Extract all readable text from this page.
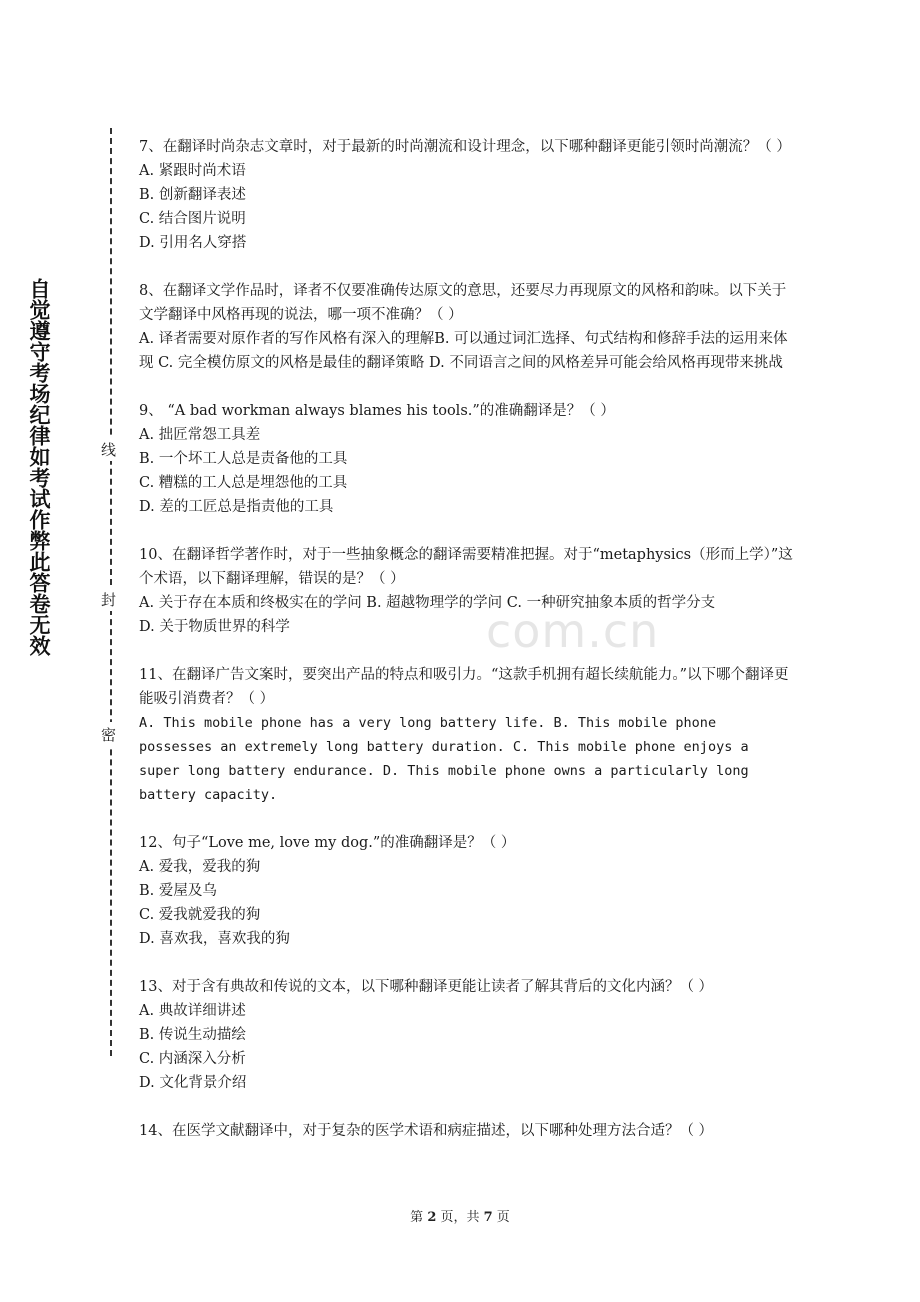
自觉遵守考场纪律如考试作弊此答卷无效	线
封
密
com.cn

7、在翻译时尚杂志文章时，对于最新的时尚潮流和设计理念，以下哪种翻译更能引领时尚潮流？（ ）

A. 紧跟时尚术语

B. 创新翻译表述

C. 结合图片说明

D. 引用名人穿搭

8、在翻译文学作品时，译者不仅要准确传达原文的意思，还要尽力再现原文的风格和韵味。以下关于文学翻译中风格再现的说法，哪一项不准确？（ ）

A. 译者需要对原作者的写作风格有深入的理解B. 可以通过词汇选择、句式结构和修辞手法的运用来体现 C. 完全模仿原文的风格是最佳的翻译策略 D. 不同语言之间的风格差异可能会给风格再现带来挑战

9、 “A bad workman always blames his tools.”的准确翻译是？（ ）

A. 拙匠常怨工具差

B. 一个坏工人总是责备他的工具

C. 糟糕的工人总是埋怨他的工具

D. 差的工匠总是指责他的工具

10、在翻译哲学著作时，对于一些抽象概念的翻译需要精准把握。对于“metaphysics（形而上学）”这个术语，以下翻译理解，错误的是？（ ）

A. 关于存在本质和终极实在的学问 B. 超越物理学的学问 C. 一种研究抽象本质的哲学分支

D. 关于物质世界的科学

11、在翻译广告文案时，要突出产品的特点和吸引力。“这款手机拥有超长续航能力。”以下哪个翻译更能吸引消费者？（ ）

A. This mobile phone has a very long battery life. B. This mobile phone possesses an extremely long battery duration. C. This mobile phone enjoys a super long battery endurance. D. This mobile phone owns a particularly long battery capacity.

12、句子“Love me, love my dog.”的准确翻译是？（ ）

A. 爱我，爱我的狗

B. 爱屋及乌

C. 爱我就爱我的狗

D. 喜欢我，喜欢我的狗

13、对于含有典故和传说的文本，以下哪种翻译更能让读者了解其背后的文化内涵？（ ）

A. 典故详细讲述

B. 传说生动描绘

C. 内涵深入分析

D. 文化背景介绍

14、在医学文献翻译中，对于复杂的医学术语和病症描述，以下哪种处理方法合适？（ ）

第 2 页，共 7 页
